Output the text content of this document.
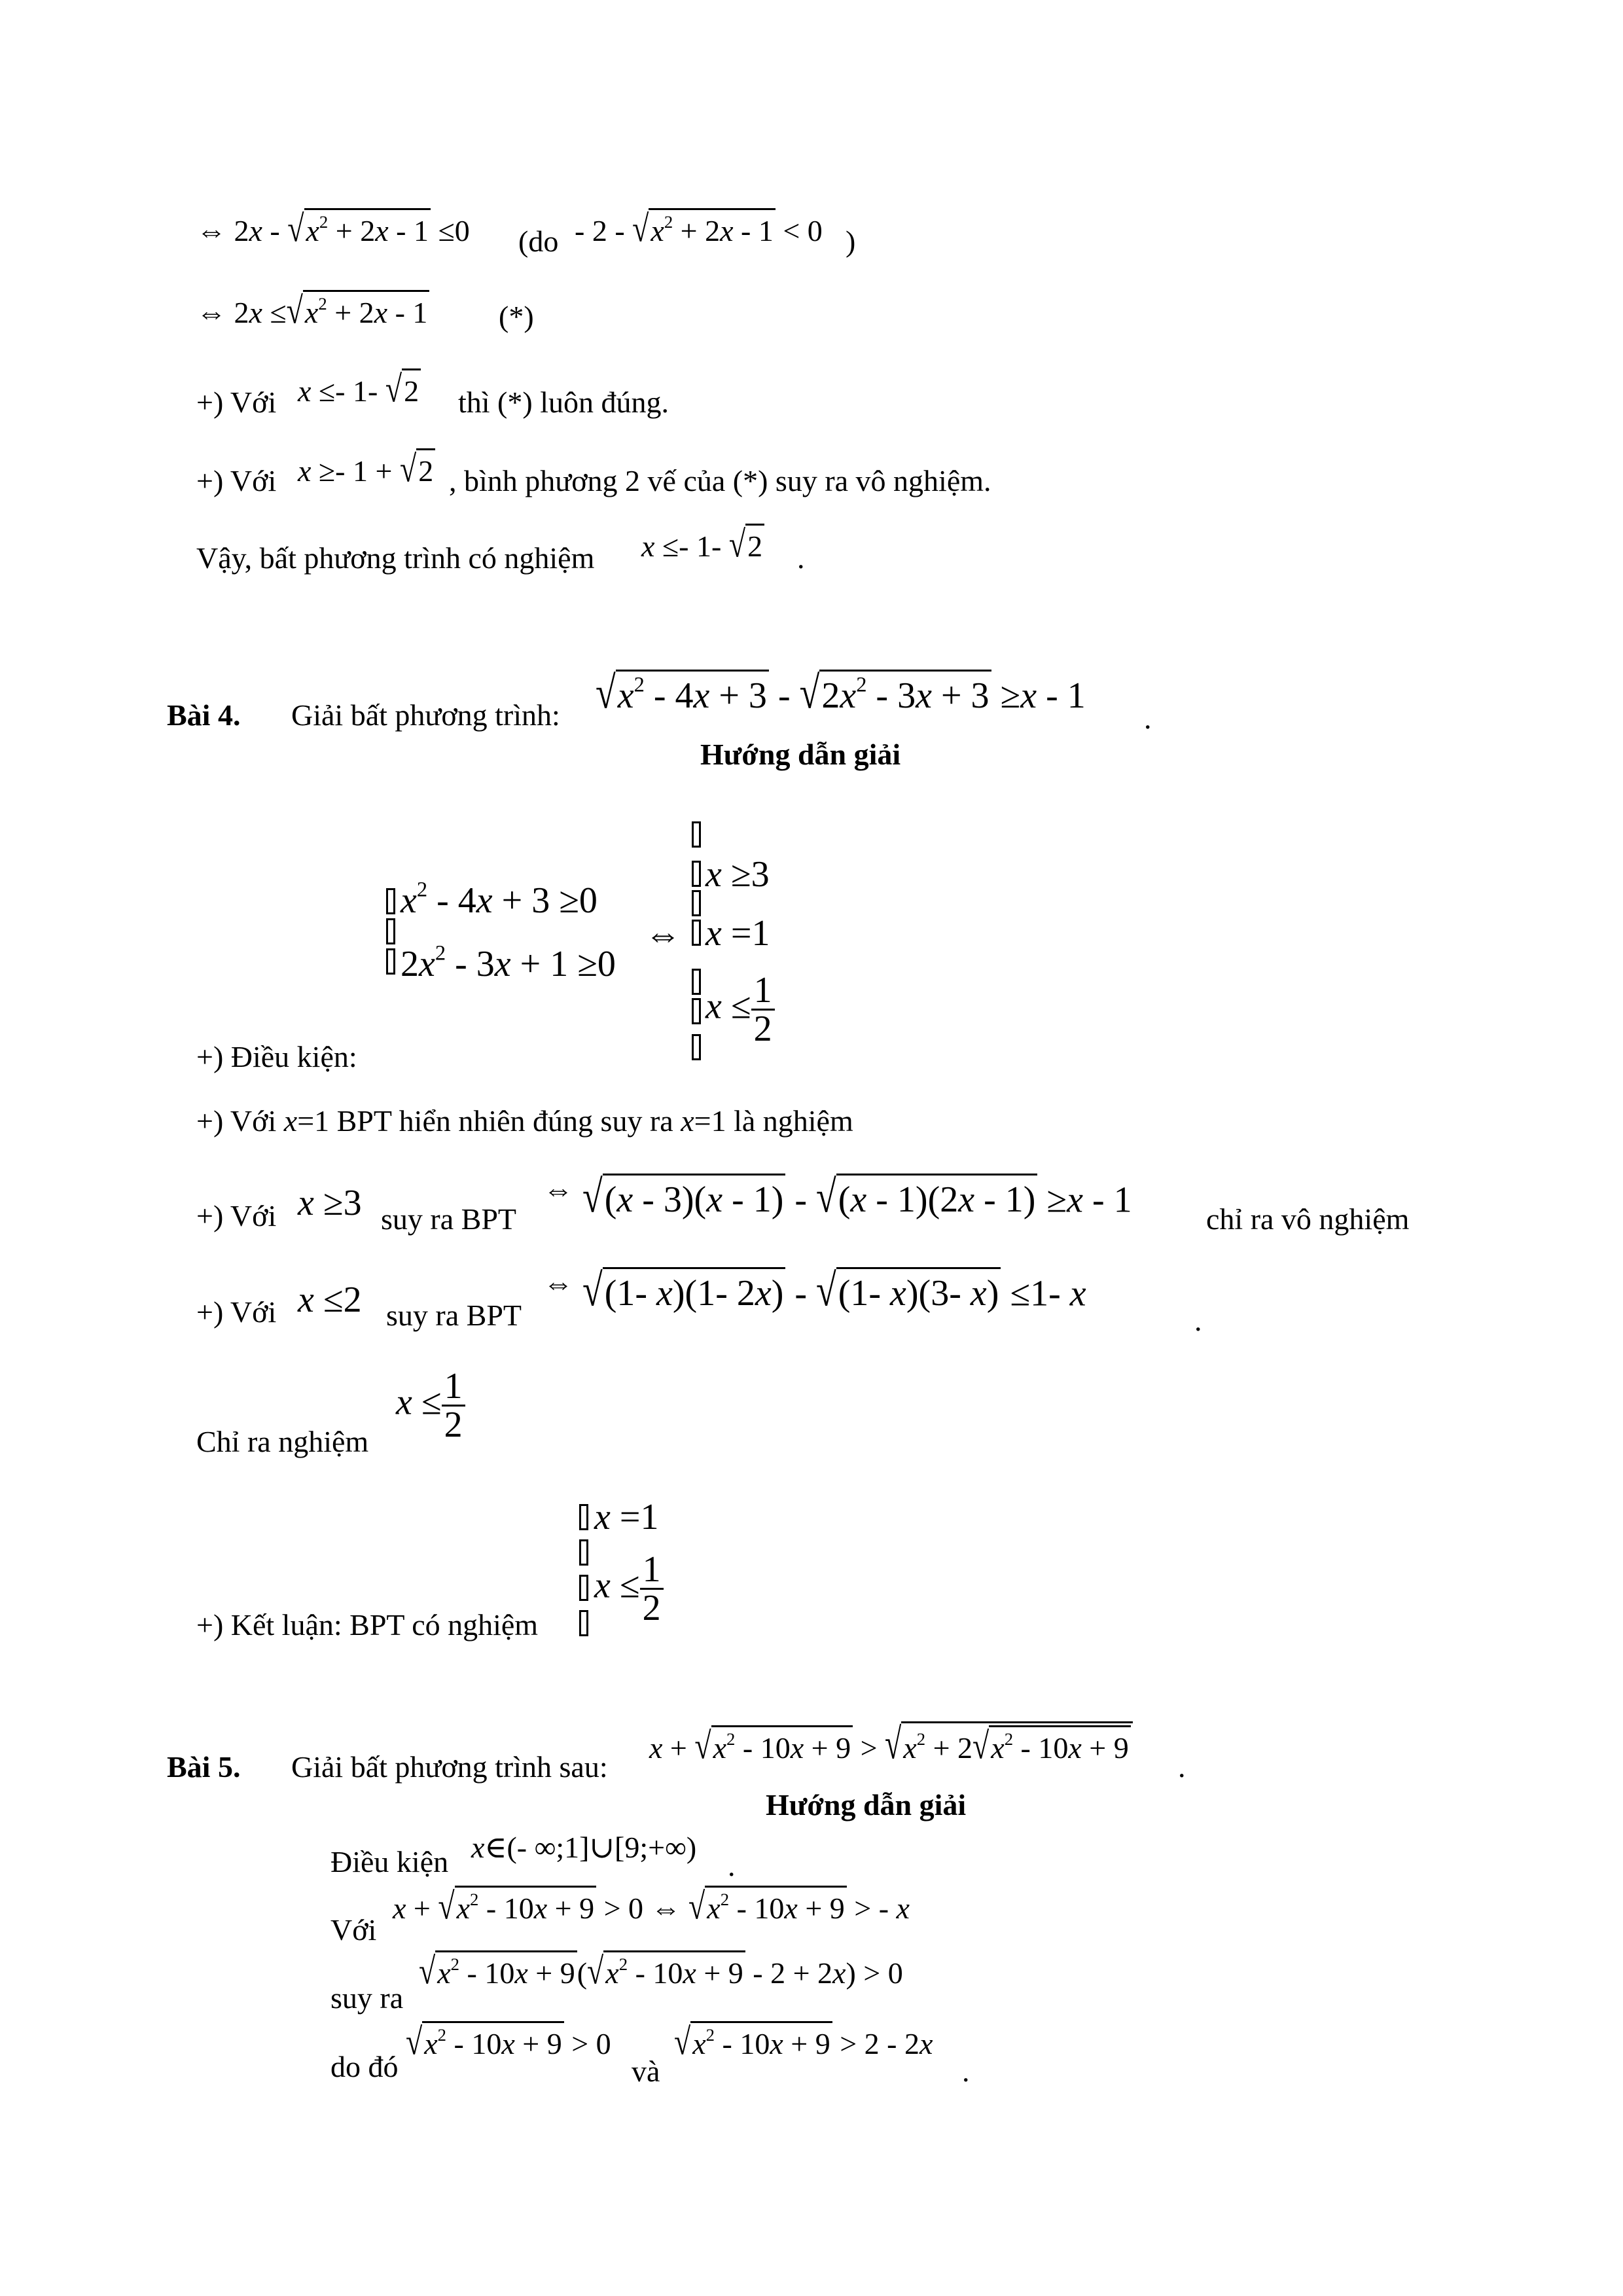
⇔ $2x - √x^2 + 2x - 1 \le 0$ ($do - 2 - √x^2 + 2x - 1 < 0$ )
⇔ $2x \le√x^2 + 2x - 1$ (*)
+) Với x ≤- 1- √2 thì (*) luôn đúng.
+) Với x ≥- 1 + √2 , bình phương 2 vế của (*) suy ra vô nghiệm.
Vậy, bất phương trình có nghiệm x ≤- 1- √2 .
Bài 4. Giải bất phương trình: $√x^2 - 4x + 3 - √2x^2 - 3x + 3 \ge x - 1$
.
Hướng dẫn giải
$x^2 - 4x + 3 \ge 0$
$2x^2 - 3x + 1 \ge 0$
⇔
x ≥3
x =1
$x \le \frac{1}{2}$
+) Điều kiện:
+) Với x=1 BPT hiển nhiên đúng suy ra x=1 là nghiệm
+) Với x ≥3 suy ra BPT
⇔ √(x - 3)(x - 1) - √(x - 1)(2x - 1) ≥x - 1 chỉ ra vô nghiệm
+) Với x ≤2 suy ra BPT
⇔ √(1- x)(1- 2x) - √(1- x)(3- x) ≤1- x
.
Chỉ ra nghiệm
$x \le \frac{1}{2}$
x =1
$x \le \frac{1}{2}$
+) Kết luận: BPT có nghiệm
Bài 5. Giải bất phương trình sau:
$x + √x^2 - 10x + 9 > √x^2 + 2√x^2 - 10x + 9$
.
Hướng dẫn giải
Điều kiện x∈(- ∞;1]∪[9;+∞)
.
Với
$x + √x^2 - 10x + 9 > 0$ ⇔ $√x^2 - 10x + 9$ > - x
suy ra
$√x^2 - 10x + 9(√x^2 - 10x + 9 - 2 + 2x) > 0$
do đó
$√x^2 - 10x + 9 > 0$
và
$√x^2 - 10x + 9 > 2 - 2x$
.
